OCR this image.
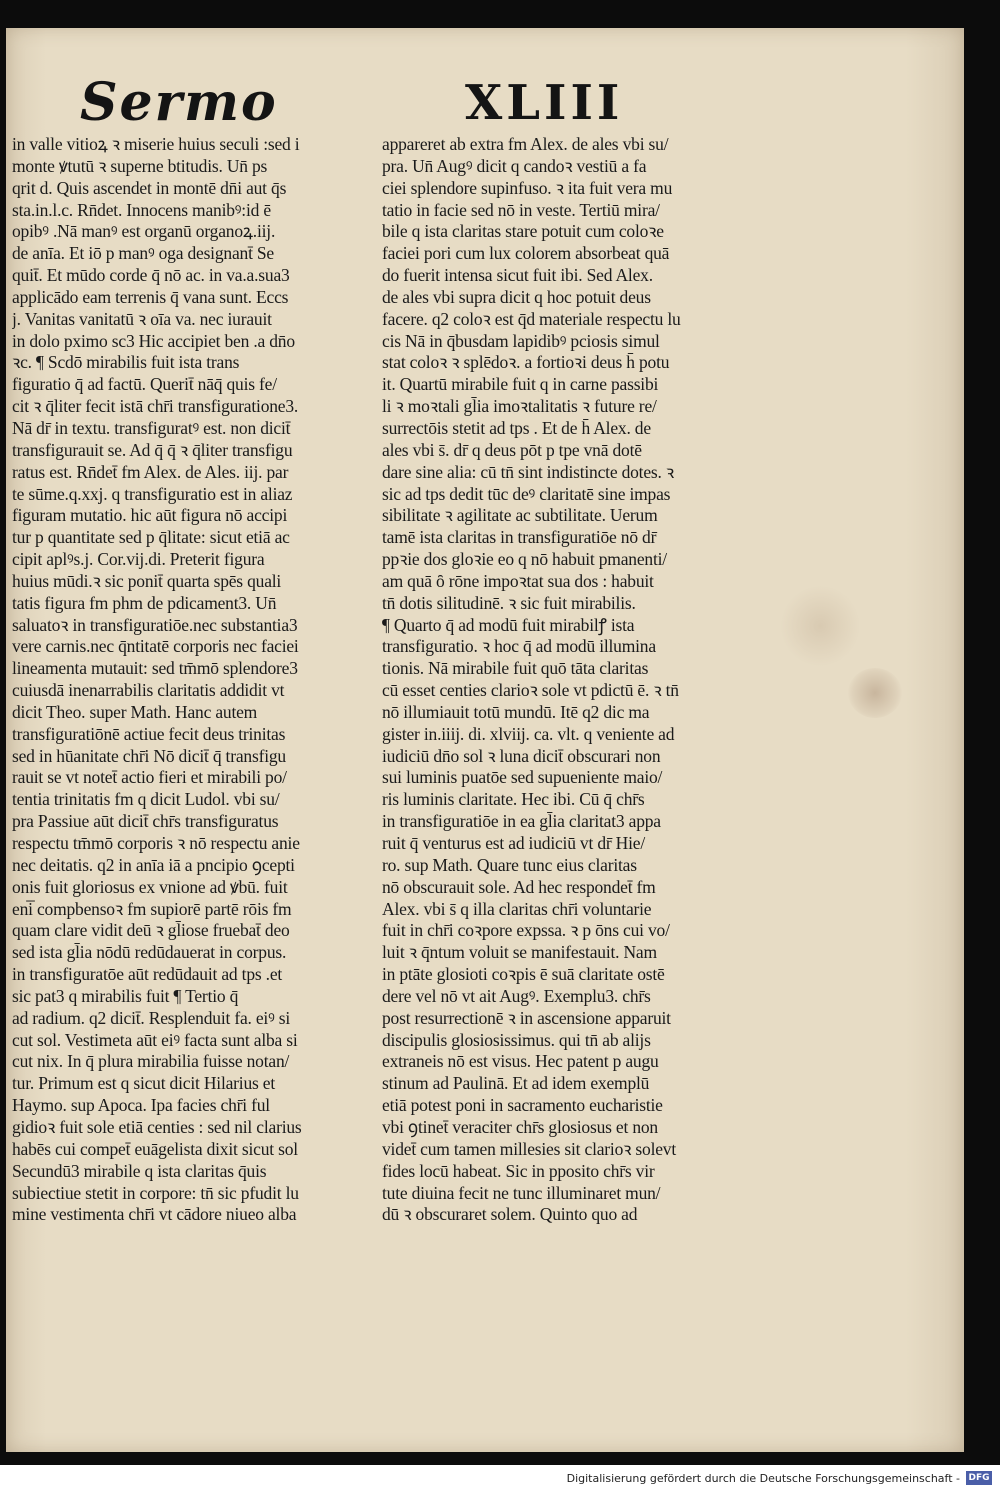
Sermo	XLIII
in valle vitioꝝ ꝛ miserie huius seculi :sed i
monte ꝟtutū ꝛ superne btitudis. Un̄ ps
qrit d. Quis ascendet in montē dn̄i aut q̄s
sta.in.l.c. Rn̄det. Innocens manibꝰ:id ē
opibꝰ .Nā manꝰ est organū organoꝝ.iij.
de anīa. Et iō p manꝰ oga designant̄ Se
quit̄. Et mūdo corde q̄ nō ac. in va.a.sua3
applicādo eam terrenis q̄ vana sunt. Eccs
j. Vanitas vanitatū ꝛ oīa va. nec iurauit
in dolo pximo sc3 Hic accipiet ben .a dn̄o
ꝛc. ¶ Scdō mirabilis fuit ista trans
figuratio q̄ ad factū. Querit̄ nāq̄ quis fe/
cit ꝛ q̄liter fecit istā chr̄i transfiguratione3.
Nā dr̄ in textu. transfiguratꝰ est. non dicit̄
transfigurauit se. Ad q̄ q̄ ꝛ q̄liter transfigu
ratus est. Rn̄det̄ fm Alex. de Ales. iij. par
te sūme.q.xxj. q transfiguratio est in aliaz
figuram mutatio. hic aūt figura nō accipi
tur p quantitate sed p q̄litate: sicut etiā ac
cipit aplꝰs.j. Cor.vij.di. Preterit figura
huius mūdi.ꝛ sic ponit̄ quarta spēs quali
tatis figura fm phm de pdicament3. Un̄
saluatoꝛ in transfiguratiōe.nec substantia3
vere carnis.nec q̄ntitatē corporis nec faciei
lineamenta mutauit: sed tm̄mō splendore3
cuiusdā inenarrabilis claritatis addidit vt
dicit Theo. super Math. Hanc autem
transfiguratiōnē actiue fecit deus trinitas
sed in hūanitate chr̄i Nō dicit̄ q̄ transfigu
rauit se vt notet̄ actio fieri et mirabili po/
tentia trinitatis fm q dicit Ludol. vbi su/
pra Passiue aūt dicit̄ chr̄s transfiguratus
respectu tm̄mō corporis ꝛ nō respectu anie
nec deitatis. q2 in anīa iā a pncipio ꝯcepti
onis fuit gloriosus ex vnione ad ꝟbū. fuit
eni̅ compbensoꝛ fm supiorē partē rōis fm
quam clare vidit deū ꝛ gl̄iose fruebat̄ deo
sed ista gl̄ia nōdū redūdauerat in corpus.
in transfiguratōe aūt redūdauit ad tps .et
sic pat3 q mirabilis fuit ¶ Tertio q̄
ad radium. q2 dicit̄. Resplenduit fa. eiꝰ si
cut sol. Vestimeta aūt eiꝰ facta sunt alba si
cut nix. In q̄ plura mirabilia fuisse notan/
tur. Primum est q sicut dicit Hilarius et
Haymo. sup Apoca. Ipa facies chr̄i ful
gidioꝛ fuit sole etiā centies : sed nil clarius
habēs cui compet̄ euāgelista dixit sicut sol
Secundū3 mirabile q ista claritas q̄uis
subiectiue stetit in corpore: tn̄ sic pfudit lu
mine vestimenta chr̄i vt cādore niueo alba
appareret ab extra fm Alex. de ales vbi su/
pra. Un̄ Augꝰ dicit q candoꝛ vestiū a fa
ciei splendore supinfuso. ꝛ ita fuit vera mu
tatio in facie sed nō in veste. Tertiū mira/
bile q ista claritas stare potuit cum coloꝛe
faciei pori cum lux colorem absorbeat quā
do fuerit intensa sicut fuit ibi. Sed Alex.
de ales vbi supra dicit q hoc potuit deus
facere. q2 coloꝛ est q̄d materiale respectu lu
cis Nā in q̄busdam lapidibꝰ pciosis simul
stat coloꝛ ꝛ splēdoꝛ. a fortioꝛi deus h̄ potu
it. Quartū mirabile fuit q in carne passibi
li ꝛ moꝛtali gl̄ia imoꝛtalitatis ꝛ future re/
surrectōis stetit ad tps . Et de h̄ Alex. de
ales vbi s̄. dr̄ q deus pōt p tpe vnā dotē
dare sine alia: cū tn̄ sint indistincte dotes. ꝛ
sic ad tps dedit tūc deꝰ claritatē sine impas
sibilitate ꝛ agilitate ac subtilitate. Uerum
tamē ista claritas in transfiguratiōe nō dr̄
ppꝛie dos gloꝛie eo q nō habuit pmanenti/
am quā ȏ rōne impoꝛtat sua dos : habuit
tn̄ dotis silitudinē. ꝛ sic fuit mirabilis.
¶ Quarto q̄ ad modū fuit mirabilꝭ ista
transfiguratio. ꝛ hoc q̄ ad modū illumina
tionis. Nā mirabile fuit quō tāta claritas
cū esset centies clarioꝛ sole vt pdictū ē. ꝛ tn̄
nō illumiauit totū mundū. Itē q2 dic ma
gister in.iiij. di. xlviij. ca. vlt. q veniente ad
iudiciū dn̄o sol ꝛ luna dicit̄ obscurari non
sui luminis puatōe sed supueniente maio/
ris luminis claritate. Hec ibi. Cū q̄ chr̄s
in transfiguratiōe in ea gl̄ia claritat3 appa
ruit q̄ venturus est ad iudiciū vt dr̄ Hie/
ro. sup Math. Quare tunc eius claritas
nō obscurauit sole. Ad hec respondet̄ fm
Alex. vbi s̄ q illa claritas chr̄i voluntarie
fuit in chr̄i coꝛpore expssa. ꝛ p ōns cui vo/
luit ꝛ q̄ntum voluit se manifestauit. Nam
in ptāte glosioti coꝛpis ē suā claritate ostē
dere vel nō vt ait Augꝰ. Exemplu3. chr̄s
post resurrectionē ꝛ in ascensione apparuit
discipulis glosiosissimus. qui tn̄ ab alijs
extraneis nō est visus. Hec patent p augu
stinum ad Paulinā. Et ad idem exemplū
etiā potest poni in sacramento eucharistie
vbi ꝯtinet̄ veraciter chr̄s glosiosus et non
videt̄ cum tamen millesies sit clarioꝛ solevt
fides locū habeat. Sic in pposito chr̄s vir
tute diuina fecit ne tunc illuminaret mun/
dū ꝛ obscuraret solem. Quinto quo ad
Digitalisierung gefördert durch die Deutsche Forschungsgemeinschaft - DFG
